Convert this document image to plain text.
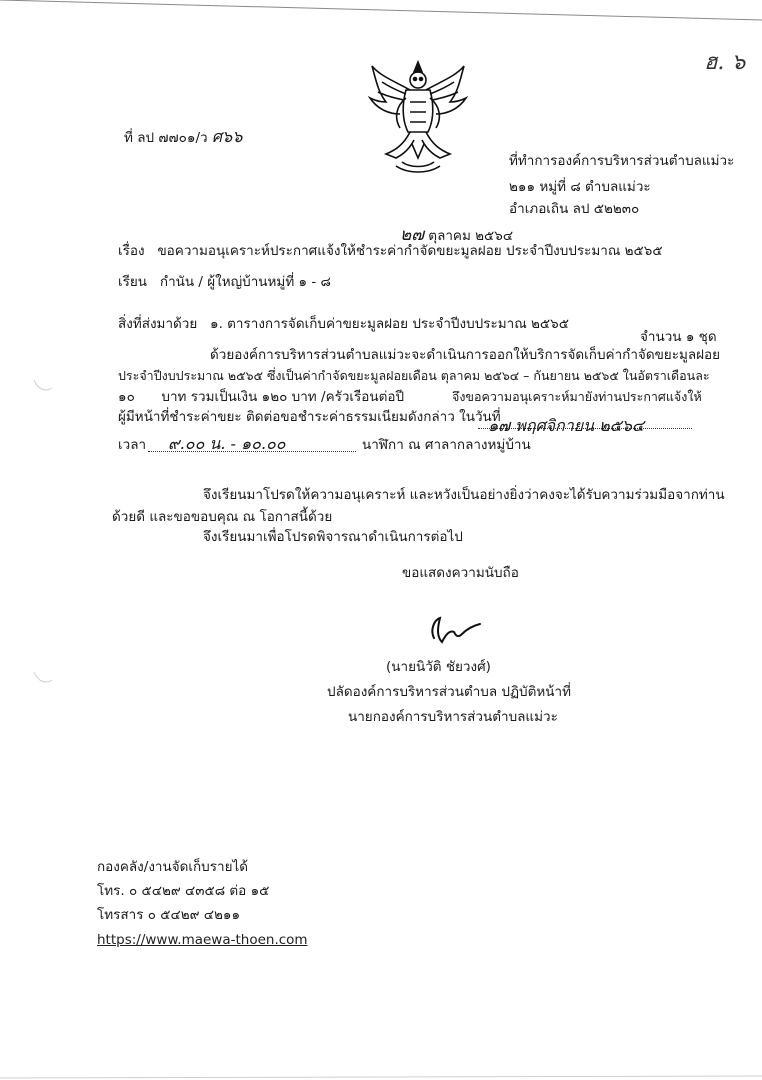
ฮ. ๖
ที่ ลป ๗๗๐๑/ว ศ๖๖
ที่ทำการองค์การบริหารส่วนตำบลแม่วะ
๒๑๑ หมู่ที่ ๘ ตำบลแม่วะ
อำเภอเถิน ลป ๕๒๒๓๐
๒๗ ตุลาคม ๒๕๖๔
เรื่อง ขอความอนุเคราะห์ประกาศแจ้งให้ชำระค่ากำจัดขยะมูลฝอย ประจำปีงบประมาณ ๒๕๖๕
เรียน กำนัน / ผู้ใหญ่บ้านหมู่ที่ ๑ - ๘
สิ่งที่ส่งมาด้วย ๑. ตารางการจัดเก็บค่าขยะมูลฝอย ประจำปีงบประมาณ ๒๕๖๕
จำนวน ๑ ชุด
ด้วยองค์การบริหารส่วนตำบลแม่วะจะดำเนินการออกให้บริการจัดเก็บค่ากำจัดขยะมูลฝอย
ประจำปีงบประมาณ ๒๕๖๕ ซึ่งเป็นค่ากำจัดขยะมูลฝอยเดือน ตุลาคม ๒๕๖๔ – กันยายน ๒๕๖๕ ในอัตราเดือนละ
๑๐ บาท รวมเป็นเงิน ๑๒๐ บาท /ครัวเรือนต่อปี	จึงขอความอนุเคราะห์มายังท่านประกาศแจ้งให้
ผู้มีหน้าที่ชำระค่าขยะ ติดต่อขอชำระค่าธรรมเนียมดังกล่าว ในวันที่
๑๗ พฤศจิกายน ๒๕๖๔
เวลา ๙.๐๐ น. - ๑๐.๐๐	นาฬิกา ณ ศาลากลางหมู่บ้าน
จึงเรียนมาโปรดให้ความอนุเคราะห์ และหวังเป็นอย่างยิ่งว่าคงจะได้รับความร่วมมือจากท่าน
ด้วยดี และขอขอบคุณ ณ โอกาสนี้ด้วย
จึงเรียนมาเพื่อโปรดพิจารณาดำเนินการต่อไป
ขอแสดงความนับถือ
(นายนิวัติ ชัยวงศ์)
ปลัดองค์การบริหารส่วนตำบล ปฏิบัติหน้าที่
นายกองค์การบริหารส่วนตำบลแม่วะ
กองคลัง/งานจัดเก็บรายได้
โทร. ๐ ๕๔๒๙ ๔๓๕๘ ต่อ ๑๕
โทรสาร ๐ ๕๔๒๙ ๔๒๑๑
https://www.maewa-thoen.com
